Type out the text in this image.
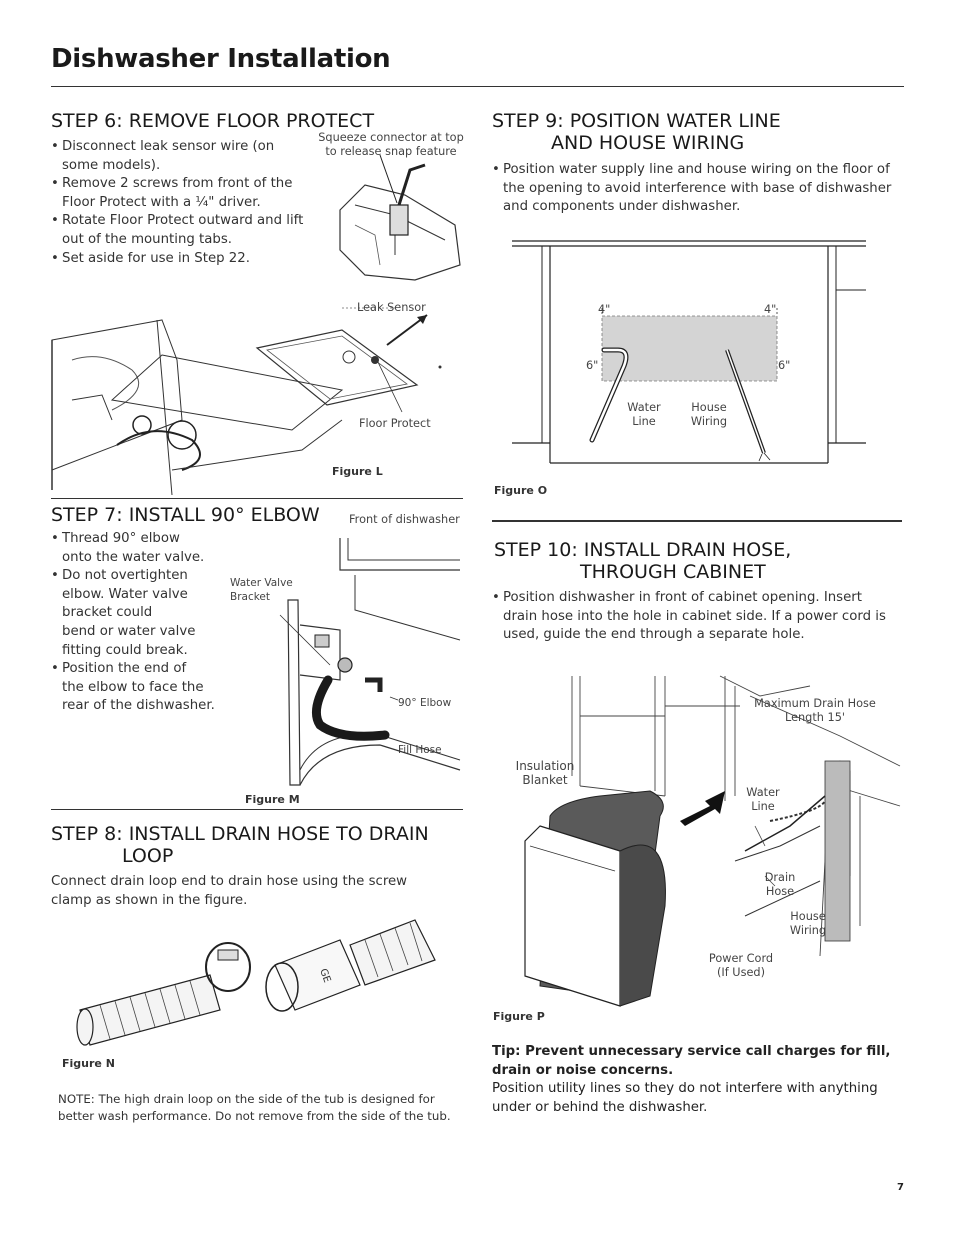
Dishwasher Installation
STEP 6: REMOVE FLOOR PROTECT
• Disconnect leak sensor wire (on some models).
• Remove 2 screws from front of the Floor Protect with a ¼" driver.
• Rotate Floor Protect outward and lift out of the mounting tabs.
• Set aside for use in Step 22.
Squeeze connector at top
to release snap feature
Leak Sensor
Floor Protect
Figure L
STEP 7: INSTALL 90° ELBOW
• Thread 90° elbow
onto the water valve.
• Do not overtighten
elbow. Water valve
bracket could
bend or water valve
fitting could break.
• Position the end of
the elbow to face the
rear of the dishwasher.
Front of dishwasher
Water Valve
Bracket
90° Elbow
Fill Hose
Figure M
STEP 8: INSTALL DRAIN HOSE TO DRAIN
LOOP
Connect drain loop end to drain hose using the screw clamp as shown in the figure.
GE
Figure N
NOTE: The high drain loop on the side of the tub is designed for
better wash performance. Do not remove from the side of the tub.
STEP 9: POSITION WATER LINE
AND HOUSE WIRING
• Position water supply line and house wiring on the floor of the opening to avoid interference with base of dishwasher and components under dishwasher.
4"	4"
6"	6"
Water
Line
House
Wiring
Figure O
STEP 10: INSTALL DRAIN HOSE,
THROUGH CABINET
• Position dishwasher in front of cabinet opening. Insert drain hose into the hole in cabinet side. If a power cord is used, guide the end through a separate hole.
Maximum Drain Hose
Length 15'
Insulation
Blanket
Water
Line
Drain
Hose
House
Wiring
Power Cord
(If Used)
Figure P
Tip: Prevent unnecessary service call charges for fill, drain or noise concerns.
Position utility lines so they do not interfere with anything under or behind the dishwasher.
7
